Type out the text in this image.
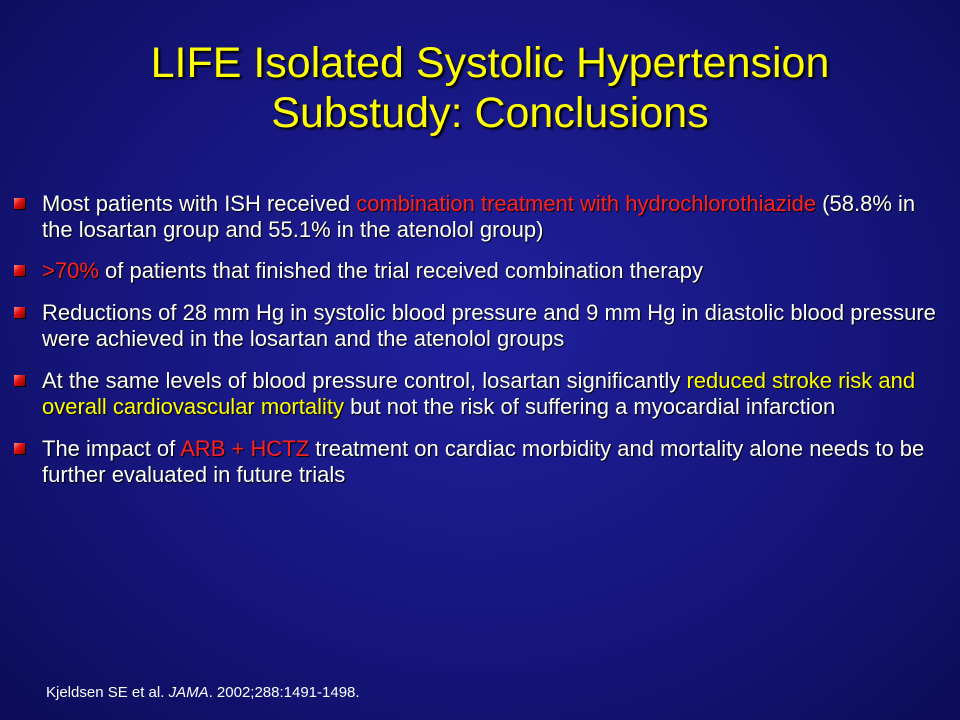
LIFE Isolated Systolic Hypertension
Substudy: Conclusions
Most patients with ISH received combination treatment with hydrochlorothiazide (58.8% in the losartan group and 55.1% in the atenolol group)
>70% of patients that finished the trial received combination therapy
Reductions of 28 mm Hg in systolic blood pressure and 9 mm Hg in diastolic blood pressure were achieved in the losartan and the atenolol groups
At the same levels of blood pressure control, losartan significantly reduced stroke risk and overall cardiovascular mortality but not the risk of suffering a myocardial infarction
The impact of ARB + HCTZ treatment on cardiac morbidity and mortality alone needs to be further evaluated in future trials
Kjeldsen SE et al. JAMA. 2002;288:1491-1498.
